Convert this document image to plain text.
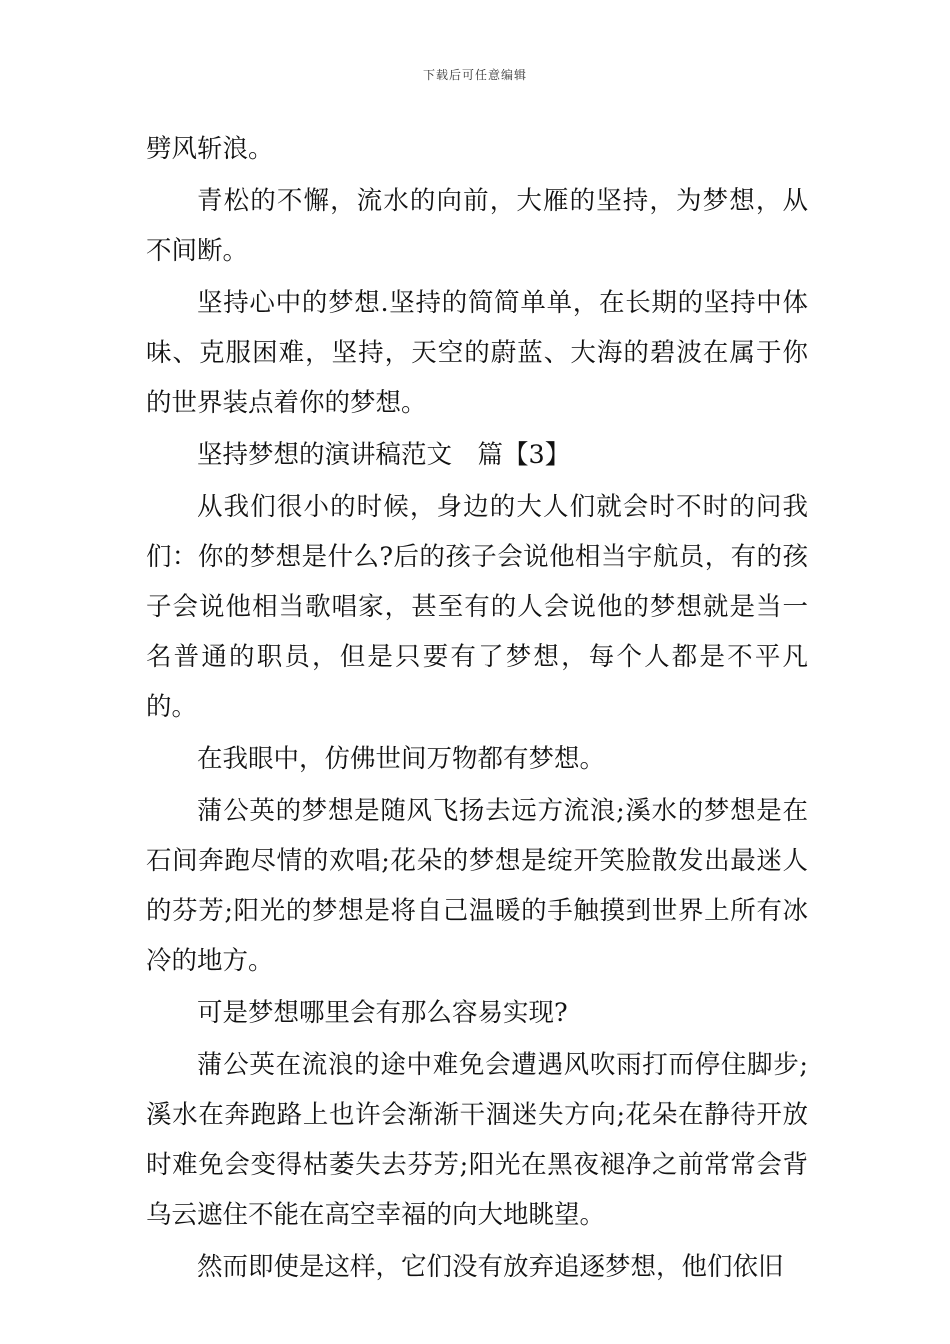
下载后可任意编辑

劈风斩浪。

青松的不懈，流水的向前，大雁的坚持，为梦想，从不间断。

坚持心中的梦想.坚持的简简单单，在长期的坚持中体味、克服困难，坚持，天空的蔚蓝、大海的碧波在属于你的世界装点着你的梦想。

坚持梦想的演讲稿范文　篇【3】

从我们很小的时候，身边的大人们就会时不时的问我们：你的梦想是什么?后的孩子会说他相当宇航员，有的孩子会说他相当歌唱家，甚至有的人会说他的梦想就是当一名普通的职员，但是只要有了梦想，每个人都是不平凡的。

在我眼中，仿佛世间万物都有梦想。

蒲公英的梦想是随风飞扬去远方流浪;溪水的梦想是在石间奔跑尽情的欢唱;花朵的梦想是绽开笑脸散发出最迷人的芬芳;阳光的梦想是将自己温暖的手触摸到世界上所有冰冷的地方。

可是梦想哪里会有那么容易实现?

蒲公英在流浪的途中难免会遭遇风吹雨打而停住脚步;溪水在奔跑路上也许会渐渐干涸迷失方向;花朵在静待开放时难免会变得枯萎失去芬芳;阳光在黑夜褪净之前常常会背乌云遮住不能在高空幸福的向大地眺望。

然而即使是这样，它们没有放弃追逐梦想，他们依旧
